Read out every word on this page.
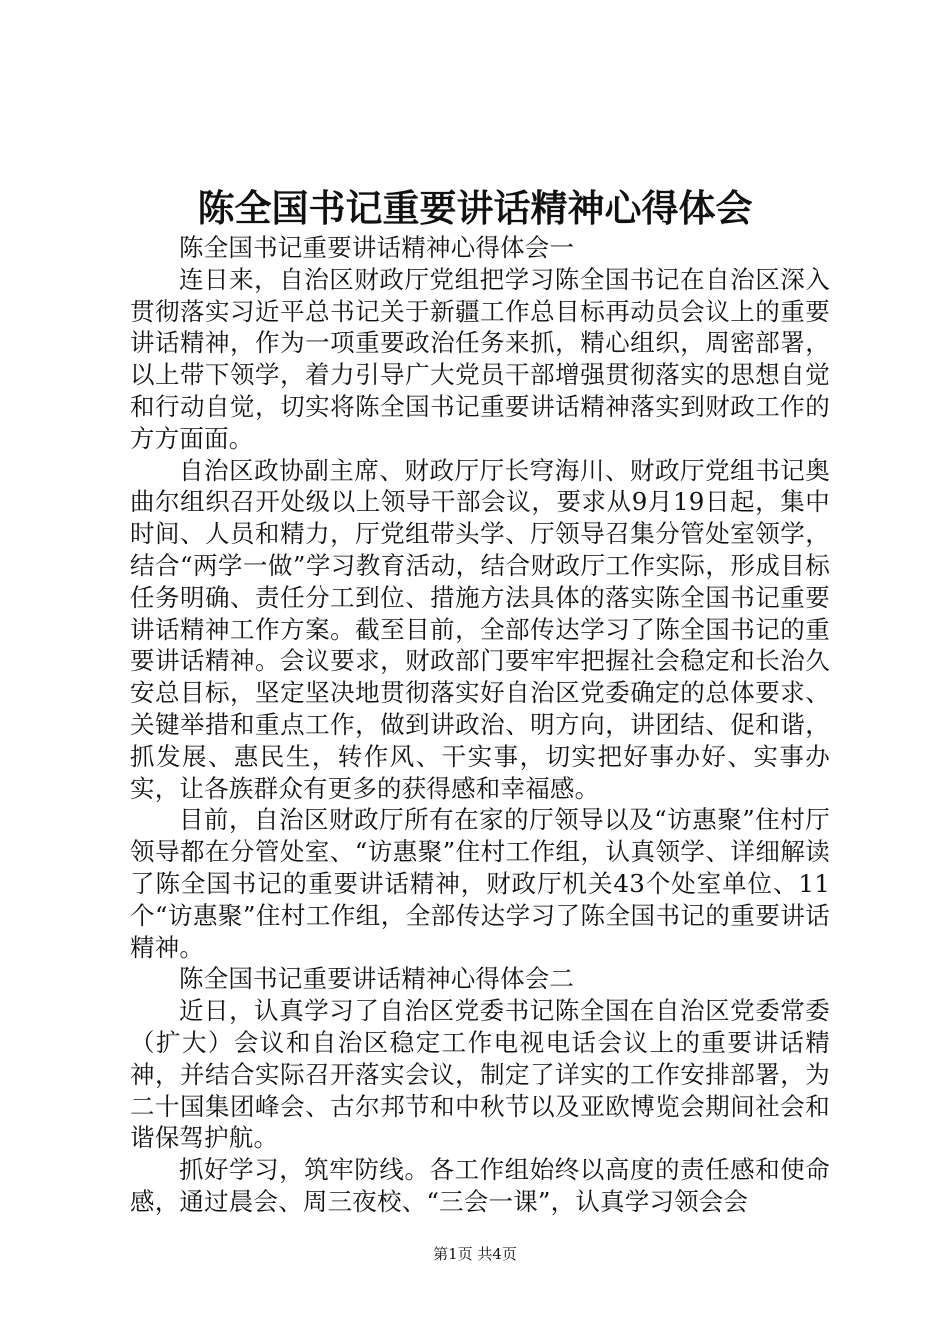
陈全国书记重要讲话精神心得体会

陈全国书记重要讲话精神心得体会一

连日来，自治区财政厅党组把学习陈全国书记在自治区深入贯彻落实习近平总书记关于新疆工作总目标再动员会议上的重要讲话精神，作为一项重要政治任务来抓，精心组织，周密部署，以上带下领学，着力引导广大党员干部增强贯彻落实的思想自觉和行动自觉，切实将陈全国书记重要讲话精神落实到财政工作的方方面面。

自治区政协副主席、财政厅厅长穹海川、财政厅党组书记奥曲尔组织召开处级以上领导干部会议，要求从9月19日起，集中时间、人员和精力，厅党组带头学、厅领导召集分管处室领学，结合“两学一做”学习教育活动，结合财政厅工作实际，形成目标任务明确、责任分工到位、措施方法具体的落实陈全国书记重要讲话精神工作方案。截至目前，全部传达学习了陈全国书记的重要讲话精神。会议要求，财政部门要牢牢把握社会稳定和长治久安总目标，坚定坚决地贯彻落实好自治区党委确定的总体要求、关键举措和重点工作，做到讲政治、明方向，讲团结、促和谐，抓发展、惠民生，转作风、干实事，切实把好事办好、实事办实，让各族群众有更多的获得感和幸福感。

目前，自治区财政厅所有在家的厅领导以及“访惠聚”住村厅领导都在分管处室、“访惠聚”住村工作组，认真领学、详细解读了陈全国书记的重要讲话精神，财政厅机关43个处室单位、11个“访惠聚”住村工作组，全部传达学习了陈全国书记的重要讲话精神。

陈全国书记重要讲话精神心得体会二

近日，认真学习了自治区党委书记陈全国在自治区党委常委（扩大）会议和自治区稳定工作电视电话会议上的重要讲话精神，并结合实际召开落实会议，制定了详实的工作安排部署，为二十国集团峰会、古尔邦节和中秋节以及亚欧博览会期间社会和谐保驾护航。

抓好学习，筑牢防线。各工作组始终以高度的责任感和使命感，通过晨会、周三夜校、“三会一课”，认真学习领会会

第1页 共4页
